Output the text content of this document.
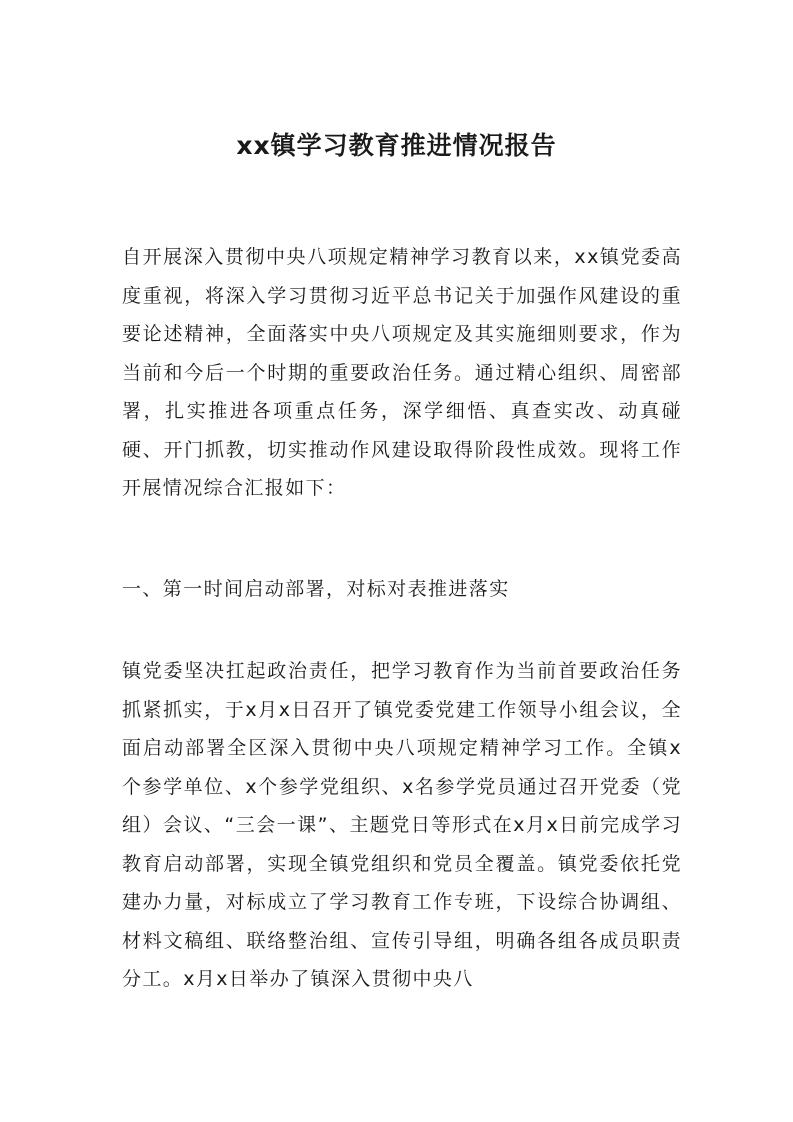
xx镇学习教育推进情况报告

自开展深入贯彻中央八项规定精神学习教育以来，xx镇党委高度重视，将深入学习贯彻习近平总书记关于加强作风建设的重要论述精神，全面落实中央八项规定及其实施细则要求，作为当前和今后一个时期的重要政治任务。通过精心组织、周密部署，扎实推进各项重点任务，深学细悟、真查实改、动真碰硬、开门抓教，切实推动作风建设取得阶段性成效。现将工作开展情况综合汇报如下：

一、第一时间启动部署，对标对表推进落实

镇党委坚决扛起政治责任，把学习教育作为当前首要政治任务抓紧抓实，于x月x日召开了镇党委党建工作领导小组会议，全面启动部署全区深入贯彻中央八项规定精神学习工作。全镇x个参学单位、x个参学党组织、x名参学党员通过召开党委（党组）会议、“三会一课”、主题党日等形式在x月x日前完成学习教育启动部署，实现全镇党组织和党员全覆盖。镇党委依托党建办力量，对标成立了学习教育工作专班，下设综合协调组、材料文稿组、联络整治组、宣传引导组，明确各组各成员职责分工。x月x日举办了镇深入贯彻中央八
